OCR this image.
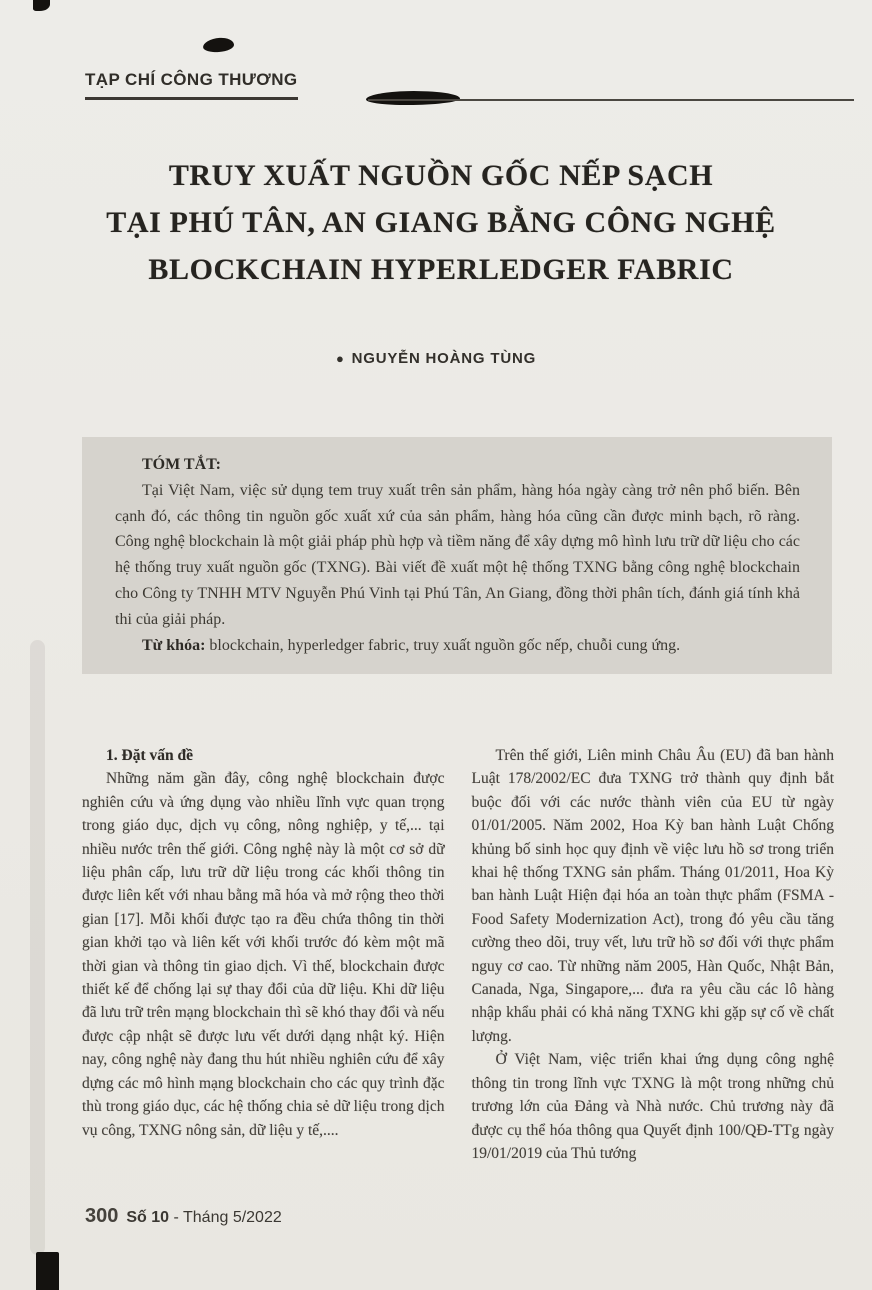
TẠP CHÍ CÔNG THƯƠNG
TRUY XUẤT NGUỒN GỐC NẾP SẠCH
TẠI PHÚ TÂN, AN GIANG BẰNG CÔNG NGHỆ
BLOCKCHAIN HYPERLEDGER FABRIC
● NGUYỄN HOÀNG TÙNG

TÓM TẮT:

Tại Việt Nam, việc sử dụng tem truy xuất trên sản phẩm, hàng hóa ngày càng trở nên phổ biến. Bên cạnh đó, các thông tin nguồn gốc xuất xứ của sản phẩm, hàng hóa cũng cần được minh bạch, rõ ràng. Công nghệ blockchain là một giải pháp phù hợp và tiềm năng để xây dựng mô hình lưu trữ dữ liệu cho các hệ thống truy xuất nguồn gốc (TXNG). Bài viết đề xuất một hệ thống TXNG bằng công nghệ blockchain cho Công ty TNHH MTV Nguyễn Phú Vinh tại Phú Tân, An Giang, đồng thời phân tích, đánh giá tính khả thi của giải pháp.

Từ khóa: blockchain, hyperledger fabric, truy xuất nguồn gốc nếp, chuỗi cung ứng.

1. Đặt vấn đề

Những năm gần đây, công nghệ blockchain được nghiên cứu và ứng dụng vào nhiều lĩnh vực quan trọng trong giáo dục, dịch vụ công, nông nghiệp, y tế,... tại nhiều nước trên thế giới. Công nghệ này là một cơ sở dữ liệu phân cấp, lưu trữ dữ liệu trong các khối thông tin được liên kết với nhau bằng mã hóa và mở rộng theo thời gian [17]. Mỗi khối được tạo ra đều chứa thông tin thời gian khởi tạo và liên kết với khối trước đó kèm một mã thời gian và thông tin giao dịch. Vì thế, blockchain được thiết kế để chống lại sự thay đổi của dữ liệu. Khi dữ liệu đã lưu trữ trên mạng blockchain thì sẽ khó thay đổi và nếu được cập nhật sẽ được lưu vết dưới dạng nhật ký. Hiện nay, công nghệ này đang thu hút nhiều nghiên cứu để xây dựng các mô hình mạng blockchain cho các quy trình đặc thù trong giáo dục, các hệ thống chia sẻ dữ liệu trong dịch vụ công, TXNG nông sản, dữ liệu y tế,....

Trên thế giới, Liên minh Châu Âu (EU) đã ban hành Luật 178/2002/EC đưa TXNG trở thành quy định bắt buộc đối với các nước thành viên của EU từ ngày 01/01/2005. Năm 2002, Hoa Kỳ ban hành Luật Chống khủng bố sinh học quy định về việc lưu hồ sơ trong triển khai hệ thống TXNG sản phẩm. Tháng 01/2011, Hoa Kỳ ban hành Luật Hiện đại hóa an toàn thực phẩm (FSMA - Food Safety Modernization Act), trong đó yêu cầu tăng cường theo dõi, truy vết, lưu trữ hồ sơ đối với thực phẩm nguy cơ cao. Từ những năm 2005, Hàn Quốc, Nhật Bản, Canada, Nga, Singapore,... đưa ra yêu cầu các lô hàng nhập khẩu phải có khả năng TXNG khi gặp sự cố về chất lượng.

Ở Việt Nam, việc triển khai ứng dụng công nghệ thông tin trong lĩnh vực TXNG là một trong những chủ trương lớn của Đảng và Nhà nước. Chủ trương này đã được cụ thể hóa thông qua Quyết định 100/QĐ-TTg ngày 19/01/2019 của Thủ tướng

300 Số 10 - Tháng 5/2022
